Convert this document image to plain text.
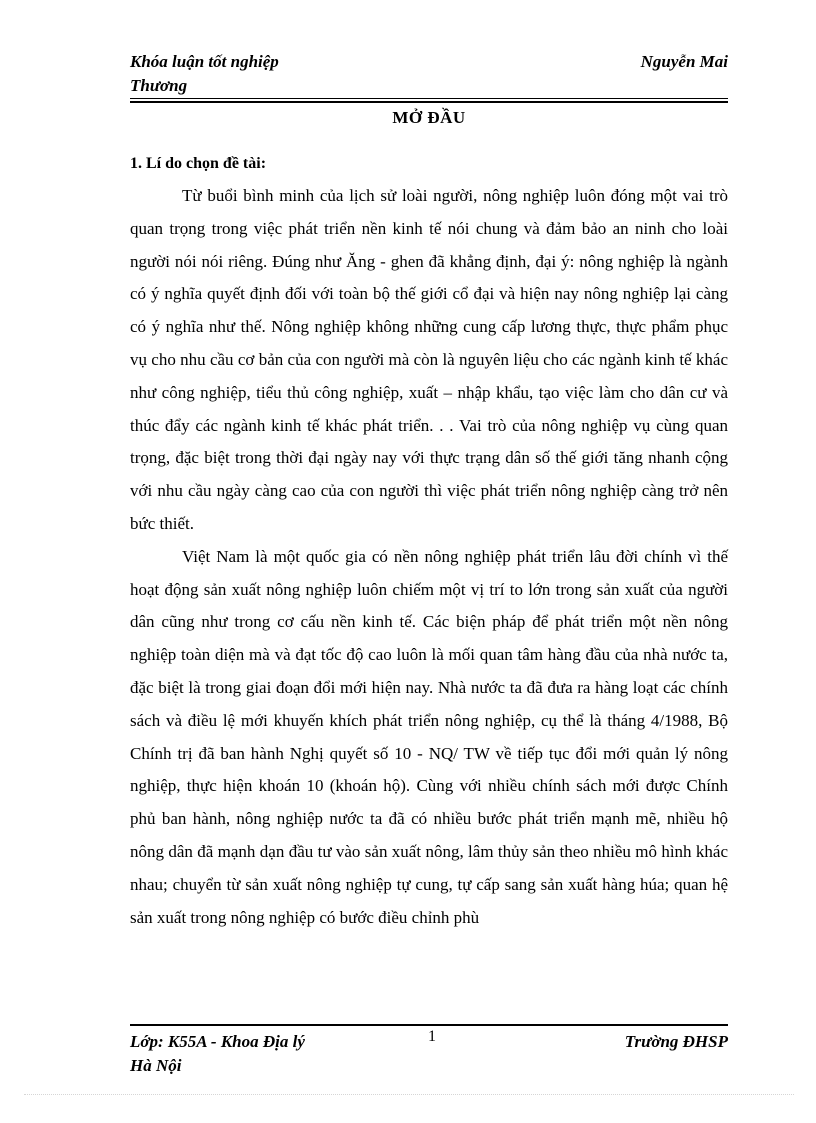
Khóa luận tốt nghiệp
Thương
Nguyễn Mai
MỞ ĐẦU
1. Lí do chọn đề tài:

Từ buổi bình minh của lịch sử loài người, nông nghiệp luôn đóng một vai trò quan trọng trong việc phát triển nền kinh tế nói chung và đảm bảo an ninh cho loài người nói nói riêng. Đúng như Ăng - ghen đã khẳng định, đại ý: nông nghiệp là ngành có ý nghĩa quyết định đối với toàn bộ thế giới cổ đại và hiện nay nông nghiệp lại càng có ý nghĩa như thế. Nông nghiệp không những cung cấp lương thực, thực phẩm phục vụ cho nhu cầu cơ bản của con người mà còn là nguyên liệu cho các ngành kinh tế khác như công nghiệp, tiểu thủ công nghiệp, xuất – nhập khẩu, tạo việc làm cho dân cư và thúc đẩy các ngành kinh tế khác phát triển. . . Vai trò của nông nghiệp vụ cùng quan trọng, đặc biệt trong thời đại ngày nay với thực trạng dân số thế giới tăng nhanh cộng với nhu cầu ngày càng cao của con người thì việc phát triển nông nghiệp càng trở nên bức thiết.

Việt Nam là một quốc gia có nền nông nghiệp phát triển lâu đời chính vì thế hoạt động sản xuất nông nghiệp luôn chiếm một vị trí to lớn trong sản xuất của người dân cũng như trong cơ cấu nền kinh tế. Các biện pháp để phát triển một nền nông nghiệp toàn diện mà và đạt tốc độ cao luôn là mối quan tâm hàng đầu của nhà nước ta, đặc biệt là trong giai đoạn đổi mới hiện nay. Nhà nước ta đã đưa ra hàng loạt các chính sách và điều lệ mới khuyến khích phát triển nông nghiệp, cụ thể là tháng 4/1988, Bộ Chính trị đã ban hành Nghị quyết số 10 - NQ/ TW về tiếp tục đổi mới quản lý nông nghiệp, thực hiện khoán 10 (khoán hộ). Cùng với nhiều chính sách mới được Chính phủ ban hành, nông nghiệp nước ta đã có nhiều bước phát triển mạnh mẽ, nhiều hộ nông dân đã mạnh dạn đầu tư vào sản xuất nông, lâm thủy sản theo nhiều mô hình khác nhau; chuyển từ sản xuất nông nghiệp tự cung, tự cấp sang sản xuất hàng húa; quan hệ sản xuất trong nông nghiệp có bước điều chỉnh phù

Lớp: K55A - Khoa Địa lý
Hà Nội
1	Trường ĐHSP
